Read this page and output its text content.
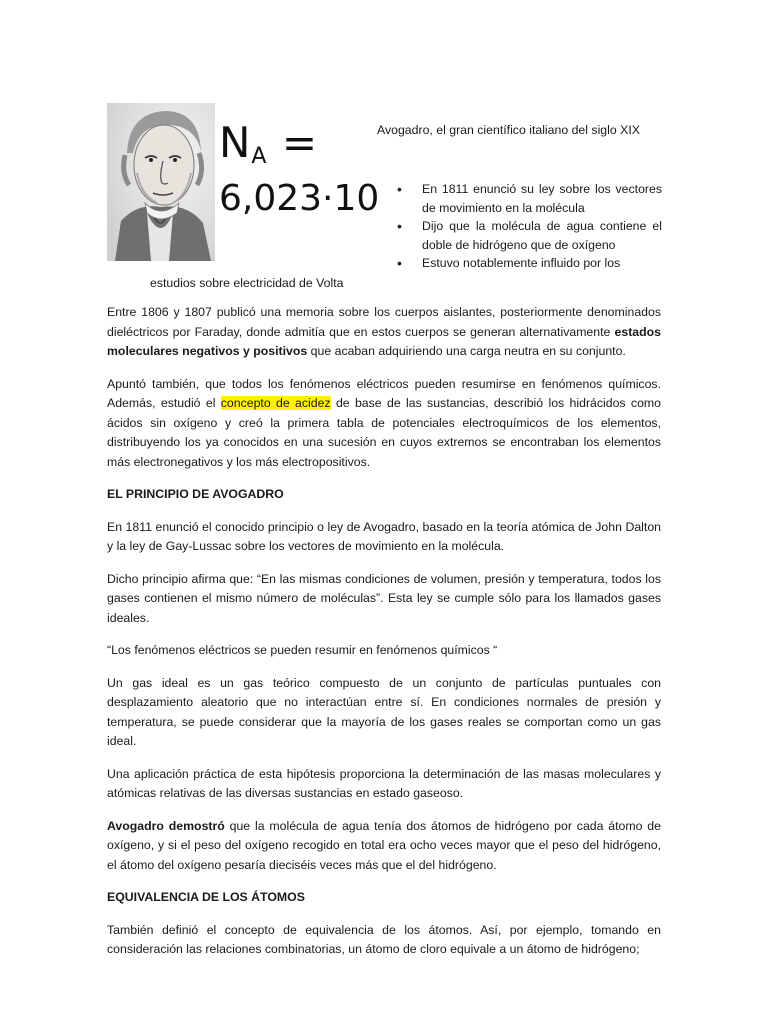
$N_A$ =
6,023·10
Avogadro, el gran científico italiano del siglo XIX
• En 1811 enunció su ley sobre los vectores de movimiento en la molécula
• Dijo que la molécula de agua contiene el doble de hidrógeno que de oxígeno
• Estuvo notablemente influido por los
estudios sobre electricidad de Volta

Entre 1806 y 1807 publicó una memoria sobre los cuerpos aislantes, posteriormente denominados dieléctricos por Faraday, donde admitía que en estos cuerpos se generan alternativamente estados moleculares negativos y positivos que acaban adquiriendo una carga neutra en su conjunto.

Apuntó también, que todos los fenómenos eléctricos pueden resumirse en fenómenos químicos. Además, estudió el concepto de acidez de base de las sustancias, describió los hidrácidos como ácidos sin oxígeno y creó la primera tabla de potenciales electroquímicos de los elementos, distribuyendo los ya conocidos en una sucesión en cuyos extremos se encontraban los elementos más electronegativos y los más electropositivos.

EL PRINCIPIO DE AVOGADRO

En 1811 enunció el conocido principio o ley de Avogadro, basado en la teoría atómica de John Dalton y la ley de Gay-Lussac sobre los vectores de movimiento en la molécula.

Dicho principio afirma que: “En las mismas condiciones de volumen, presión y temperatura, todos los gases contienen el mismo número de moléculas”. Esta ley se cumple sólo para los llamados gases ideales.

“Los fenómenos eléctricos se pueden resumir en fenómenos químicos “

Un gas ideal es un gas teórico compuesto de un conjunto de partículas puntuales con desplazamiento aleatorio que no interactúan entre sí. En condiciones normales de presión y temperatura, se puede considerar que la mayoría de los gases reales se comportan como un gas ideal.

Una aplicación práctica de esta hipótesis proporciona la determinación de las masas moleculares y atómicas relativas de las diversas sustancias en estado gaseoso.

Avogadro demostró que la molécula de agua tenía dos átomos de hidrógeno por cada átomo de oxígeno, y si el peso del oxígeno recogido en total era ocho veces mayor que el peso del hidrógeno, el átomo del oxígeno pesaría dieciséis veces más que el del hidrógeno.

EQUIVALENCIA DE LOS ÁTOMOS

También definió el concepto de equivalencia de los átomos. Así, por ejemplo, tomando en consideración las relaciones combinatorias, un átomo de cloro equivale a un átomo de hidrógeno;
